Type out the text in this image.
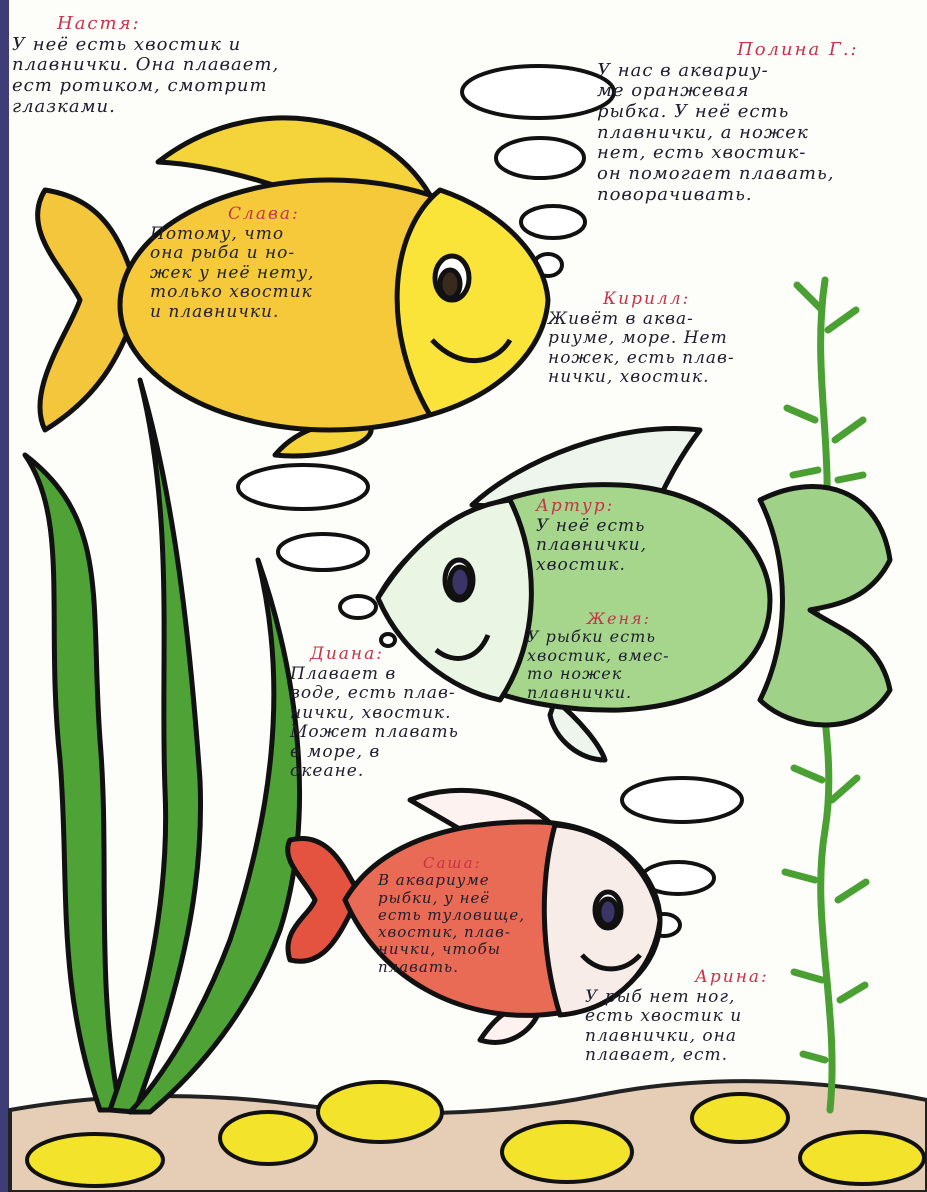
Настя:
У неё есть хвостик и
плавнички. Она плавает,
ест ротиком, смотрит
глазками.
Полина Г.:
У нас в аквариу-
ме оранжевая
рыбка. У неё есть
плавнички, а ножек
нет, есть хвостик-
он помогает плавать,
поворачивать.
Слава:
Потому, что
она рыба и но-
жек у неё нету,
только хвостик
и плавнички.
Кирилл:
Живёт в аква-
риуме, море. Нет
ножек, есть плав-
нички, хвостик.
Артур:
У неё есть
плавнички,
хвостик.
Женя:
У рыбки есть
хвостик, вмес-
то ножек
плавнички.
Диана:
Плавает в
воде, есть плав-
нички, хвостик.
Может плавать
в море, в
океане.
Саша:
В аквариуме
рыбки, у неё
есть туловище,
хвостик, плав-
нички, чтобы
плавать.
Арина:
У рыб нет ног,
есть хвостик и
плавнички, она
плавает, ест.
